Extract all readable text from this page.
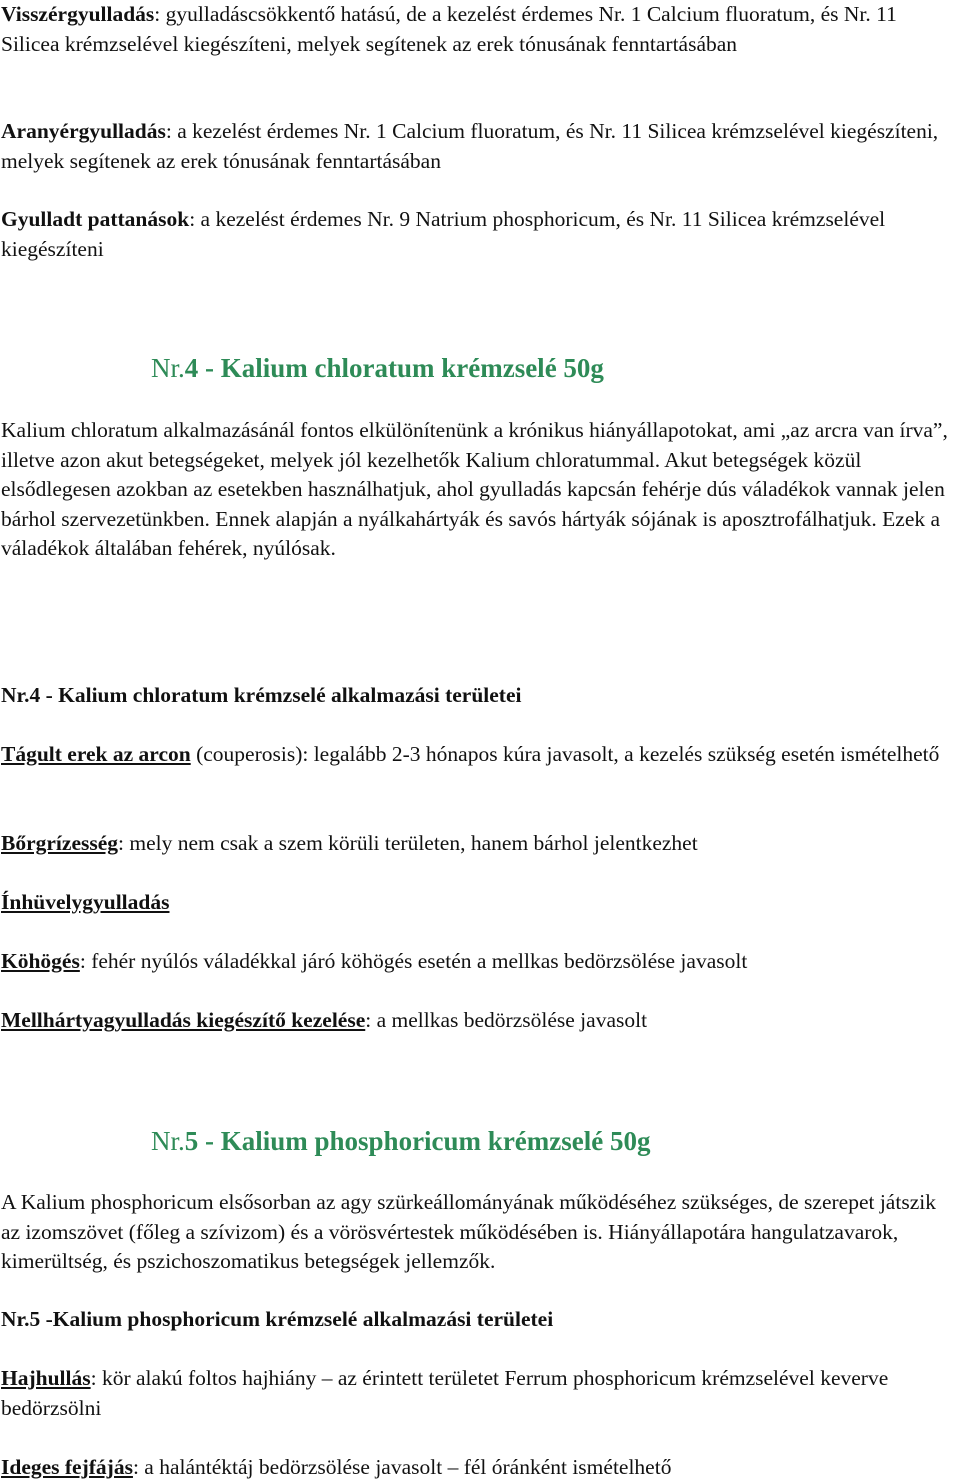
Visszérgyulladás: gyulladáscsökkentő hatású, de a kezelést érdemes Nr. 1 Calcium fluoratum, és Nr. 11 Silicea krémzselével kiegészíteni, melyek segítenek az erek tónusának fenntartásában

Aranyérgyulladás: a kezelést érdemes Nr. 1 Calcium fluoratum, és Nr. 11 Silicea krémzselével kiegészíteni, melyek segítenek az erek tónusának fenntartásában

Gyulladt pattanások: a kezelést érdemes Nr. 9 Natrium phosphoricum, és Nr. 11 Silicea krémzselével kiegészíteni

Nr.4 - Kalium chloratum krémzselé 50g

Kalium chloratum alkalmazásánál fontos elkülönítenünk a krónikus hiányállapotokat, ami „az arcra van írva”, illetve azon akut betegségeket, melyek jól kezelhetők Kalium chloratummal. Akut betegségek közül elsődlegesen azokban az esetekben használhatjuk, ahol gyulladás kapcsán fehérje dús váladékok vannak jelen bárhol szervezetünkben. Ennek alapján a nyálkahártyák és savós hártyák sójának is aposztrofálhatjuk. Ezek a váladékok általában fehérek, nyúlósak.

Nr.4 - Kalium chloratum krémzselé alkalmazási területei

Tágult erek az arcon (couperosis): legalább 2-3 hónapos kúra javasolt, a kezelés szükség esetén ismételhető

Bőrgrízesség: mely nem csak a szem körüli területen, hanem bárhol jelentkezhet

Ínhüvelygyulladás

Köhögés: fehér nyúlós váladékkal járó köhögés esetén a mellkas bedörzsölése javasolt

Mellhártyagyulladás kiegészítő kezelése: a mellkas bedörzsölése javasolt

Nr.5 - Kalium phosphoricum krémzselé 50g

A Kalium phosphoricum elsősorban az agy szürkeállományának működéséhez szükséges, de szerepet játszik az izomszövet (főleg a szívizom) és a vörösvértestek működésében is. Hiányállapotára hangulatzavarok, kimerültség, és pszichoszomatikus betegségek jellemzők.

Nr.5 -Kalium phosphoricum krémzselé alkalmazási területei

Hajhullás: kör alakú foltos hajhiány – az érintett területet Ferrum phosphoricum krémzselével keverve bedörzsölni

Ideges fejfájás: a halántéktáj bedörzsölése javasolt – fél óránként ismételhető
